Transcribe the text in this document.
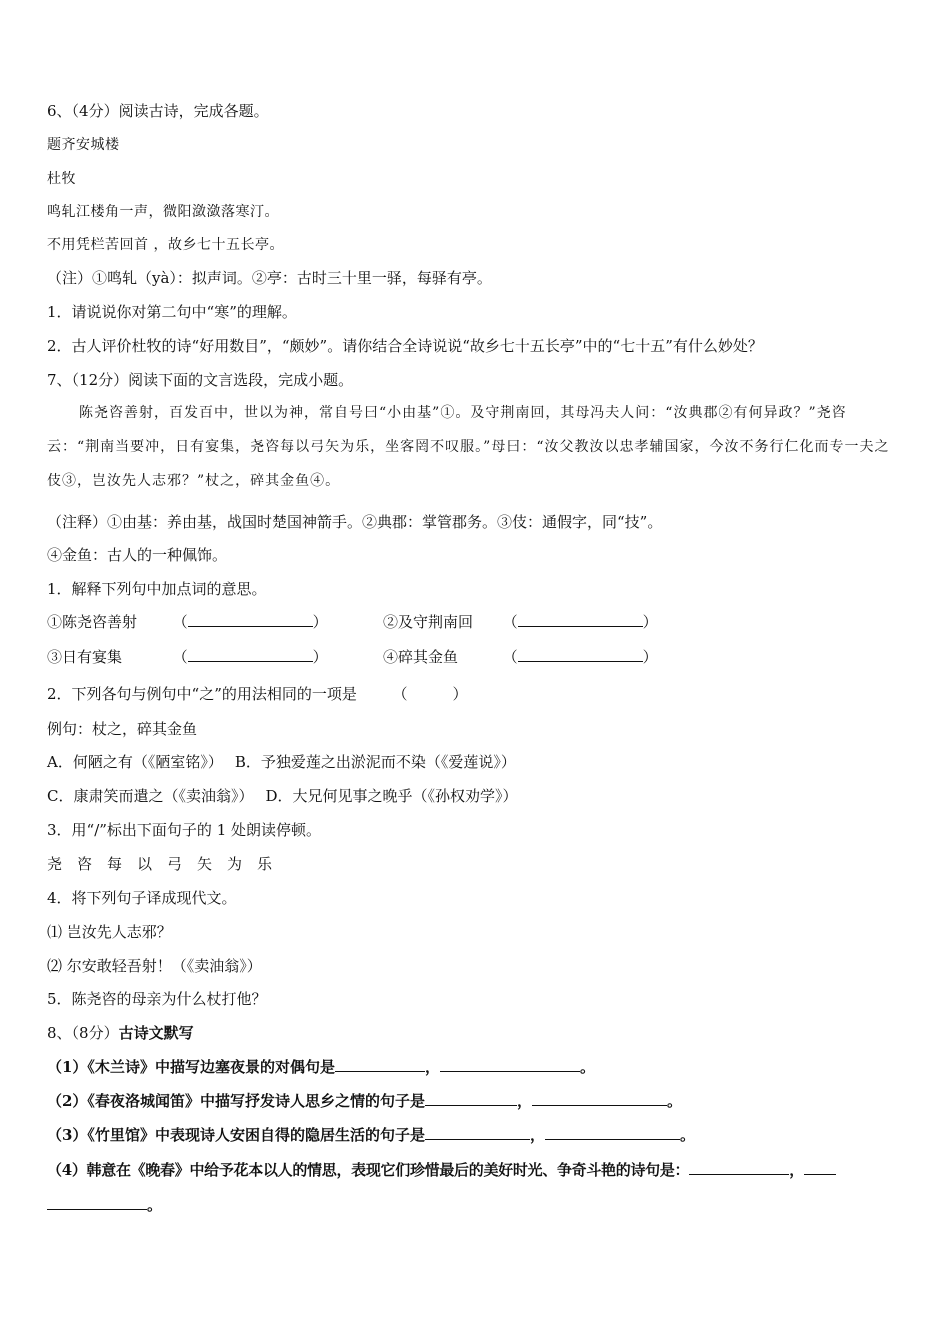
6、（4分）阅读古诗，完成各题。
题齐安城楼
杜牧
鸣轧江楼角一声，微阳潋潋落寒汀。
不用凭栏苦回首 ，故乡七十五长亭。
（注）①鸣轧（yà）：拟声词。②亭：古时三十里一驿，每驿有亭。
1．请说说你对第二句中“寒”的理解。
2．古人评价杜牧的诗“好用数目”，“颇妙”。请你结合全诗说说“故乡七十五长亭”中的“七十五”有什么妙处？
7、（12分）阅读下面的文言选段，完成小题。
陈尧咨善射，百发百中，世以为神，常自号曰“小由基”①。及守荆南回，其母冯夫人问：“汝典郡②有何异政？”尧咨云：“荆南当要冲，日有宴集，尧咨每以弓矢为乐，坐客罔不叹服。”母曰：“汝父教汝以忠孝辅国家，今汝不务行仁化而专一夫之伎③，岂汝先人志邪？”杖之，碎其金鱼④。
（注释）①由基：养由基，战国时楚国神箭手。②典郡：掌管郡务。③伎：通假字，同“技”。
④金鱼：古人的一种佩饰。
1．解释下列句中加点词的意思。
①陈尧咨善射 （	）	②及守荆南回 （	）
③日有宴集	（	）	④碎其金鱼	（	）
2．下列各句与例句中“之”的用法相同的一项是 （　　　）
例句：杖之，碎其金鱼
A．何陋之有（《陋室铭》） B．予独爱莲之出淤泥而不染（《爱莲说》）
C．康肃笑而遣之（《卖油翁》） D．大兄何见事之晚乎（《孙权劝学》）
3．用“/”标出下面句子的 1 处朗读停顿。
尧咨每以弓矢为乐
4．将下列句子译成现代文。
⑴ 岂汝先人志邪？
⑵ 尔安敢轻吾射！（《卖油翁》）
5．陈尧咨的母亲为什么杖打他？
8、（8分）古诗文默写
（1）《木兰诗》中描写边塞夜景的对偶句是	，	。
（2）《春夜洛城闻笛》中描写抒发诗人思乡之情的句子是	，	。
（3）《竹里馆》中表现诗人安困自得的隐居生活的句子是	，	。
（4）韩意在《晚春》中给予花本以人的情思，表现它们珍惜最后的美好时光、争奇斗艳的诗句是：	，
。
